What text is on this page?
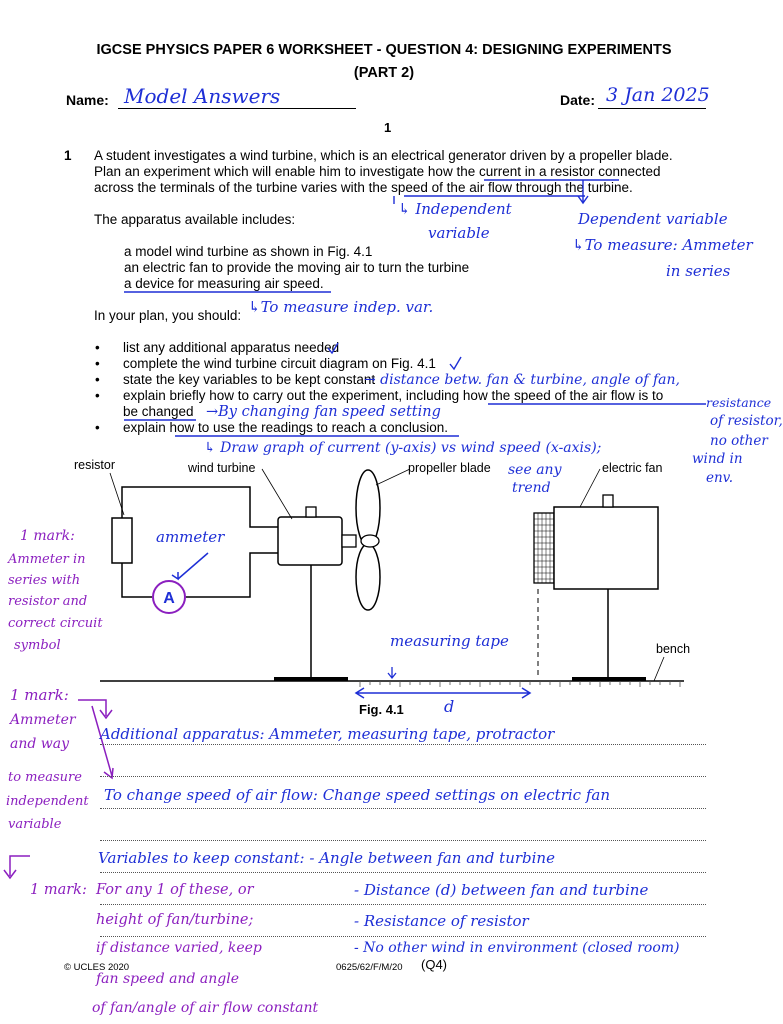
IGCSE PHYSICS PAPER 6 WORKSHEET - QUESTION 4: DESIGNING EXPERIMENTS
(PART 2)
Name: Model Answers	Date: 3 Jan 2025
1
1 A student investigates a wind turbine, which is an electrical generator driven by a propeller blade.
Plan an experiment which will enable him to investigate how the current in a resistor connected
across the terminals of the turbine varies with the speed of the air flow through the turbine.
The apparatus available includes:
a model wind turbine as shown in Fig. 4.1
an electric fan to provide the moving air to turn the turbine
a device for measuring air speed.
In your plan, you should:
• list any additional apparatus needed
• complete the wind turbine circuit diagram on Fig. 4.1
• state the key variables to be kept constant
• explain briefly how to carry out the experiment, including how the speed of the air flow is to
be changed
• explain how to use the readings to reach a conclusion.
↳ Independent
variable
Dependent variable
↳To measure: Ammeter
in series
↳To measure indep. var.
→ distance betw. fan & turbine, angle of fan,
resistance
of resistor,
no other
wind in
env.
→By changing fan speed setting
↳ Draw graph of current (y-axis) vs wind speed (x-axis);
see any
trend
A
resistor	wind turbine	propeller blade	electric fan
bench
Fig. 4.1
ammeter
measuring tape
d
1 mark:
Ammeter in
series with
resistor and
correct circuit
symbol
1 mark:
Ammeter
and way
to measure
independent
variable
Additional apparatus: Ammeter, measuring tape, protractor
To change speed of air flow: Change speed settings on electric fan
Variables to keep constant: - Angle between fan and turbine
- Distance (d) between fan and turbine
- Resistance of resistor
- No other wind in environment (closed room)
1 mark: For any 1 of these, or
height of fan/turbine;
if distance varied, keep
fan speed and angle
of fan/angle of air flow constant
© UCLES 2020	0625/62/F/M/20 (Q4)
